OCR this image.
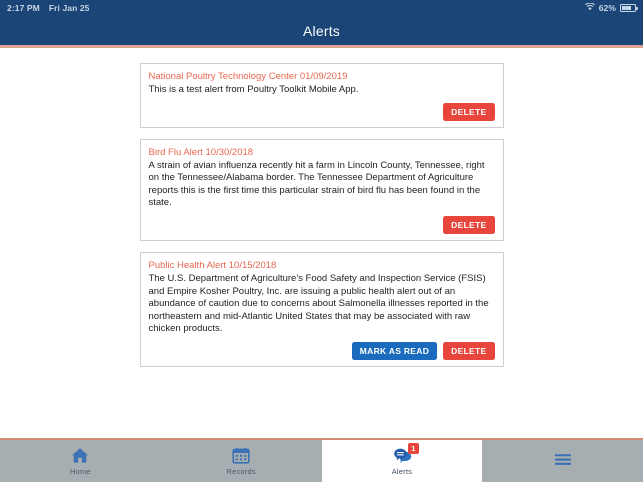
2:17 PM Fri Jan 25	62%
Alerts
National Poultry Technology Center 01/09/2019
This is a test alert from Poultry Toolkit Mobile App.
DELETE
Bird Flu Alert 10/30/2018
A strain of avian influenza recently hit a farm in Lincoln County, Tennessee, right on the Tennessee/Alabama border. The Tennessee Department of Agriculture reports this is the first time this particular strain of bird flu has been found in the state.
DELETE
Public Health Alert 10/15/2018
The U.S. Department of Agriculture's Food Safety and Inspection Service (FSIS) and Empire Kosher Poultry, Inc. are issuing a public health alert out of an abundance of caution due to concerns about Salmonella illnesses reported in the northeastern and mid-Atlantic United States that may be associated with raw chicken products.
MARK AS READ	DELETE
Home	Records
1
Alerts
